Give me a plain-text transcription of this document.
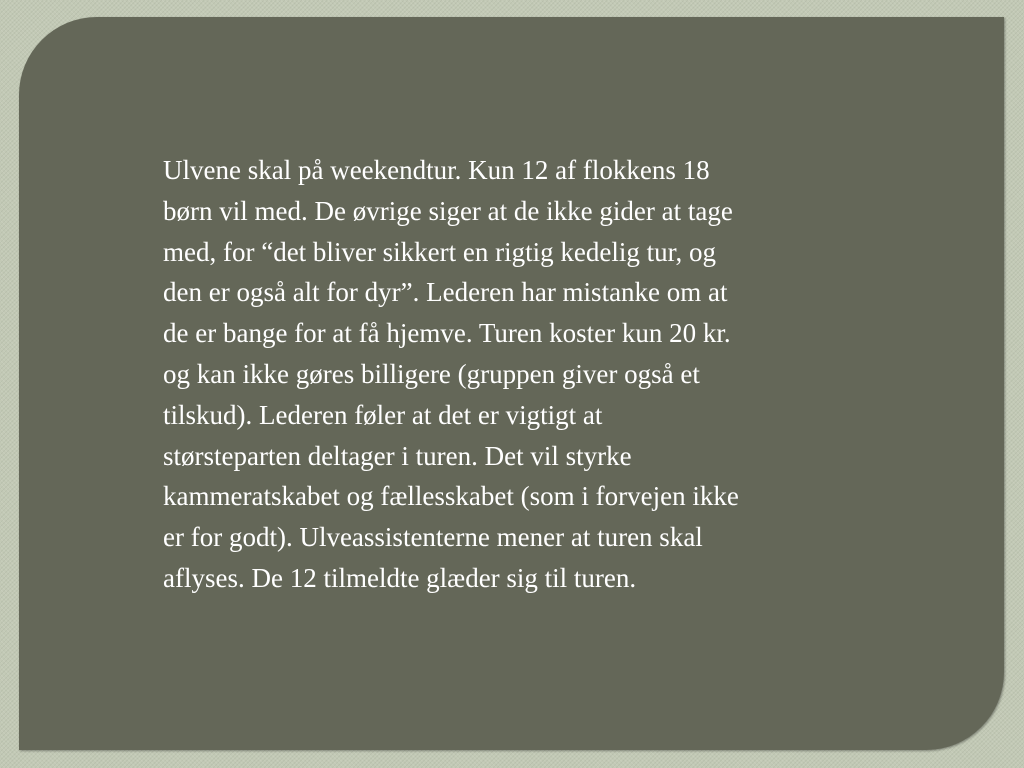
Ulvene skal på weekendtur. Kun 12 af flokkens 18
børn vil med. De øvrige siger at de ikke gider at tage
med, for “det bliver sikkert en rigtig kedelig tur, og
den er også alt for dyr”. Lederen har mistanke om at
de er bange for at få hjemve. Turen koster kun 20 kr.
og kan ikke gøres billigere (gruppen giver også et
tilskud). Lederen føler at det er vigtigt at
størsteparten deltager i turen. Det vil styrke
kammeratskabet og fællesskabet (som i forvejen ikke
er for godt). Ulveassistenterne mener at turen skal
aflyses. De 12 tilmeldte glæder sig til turen.
